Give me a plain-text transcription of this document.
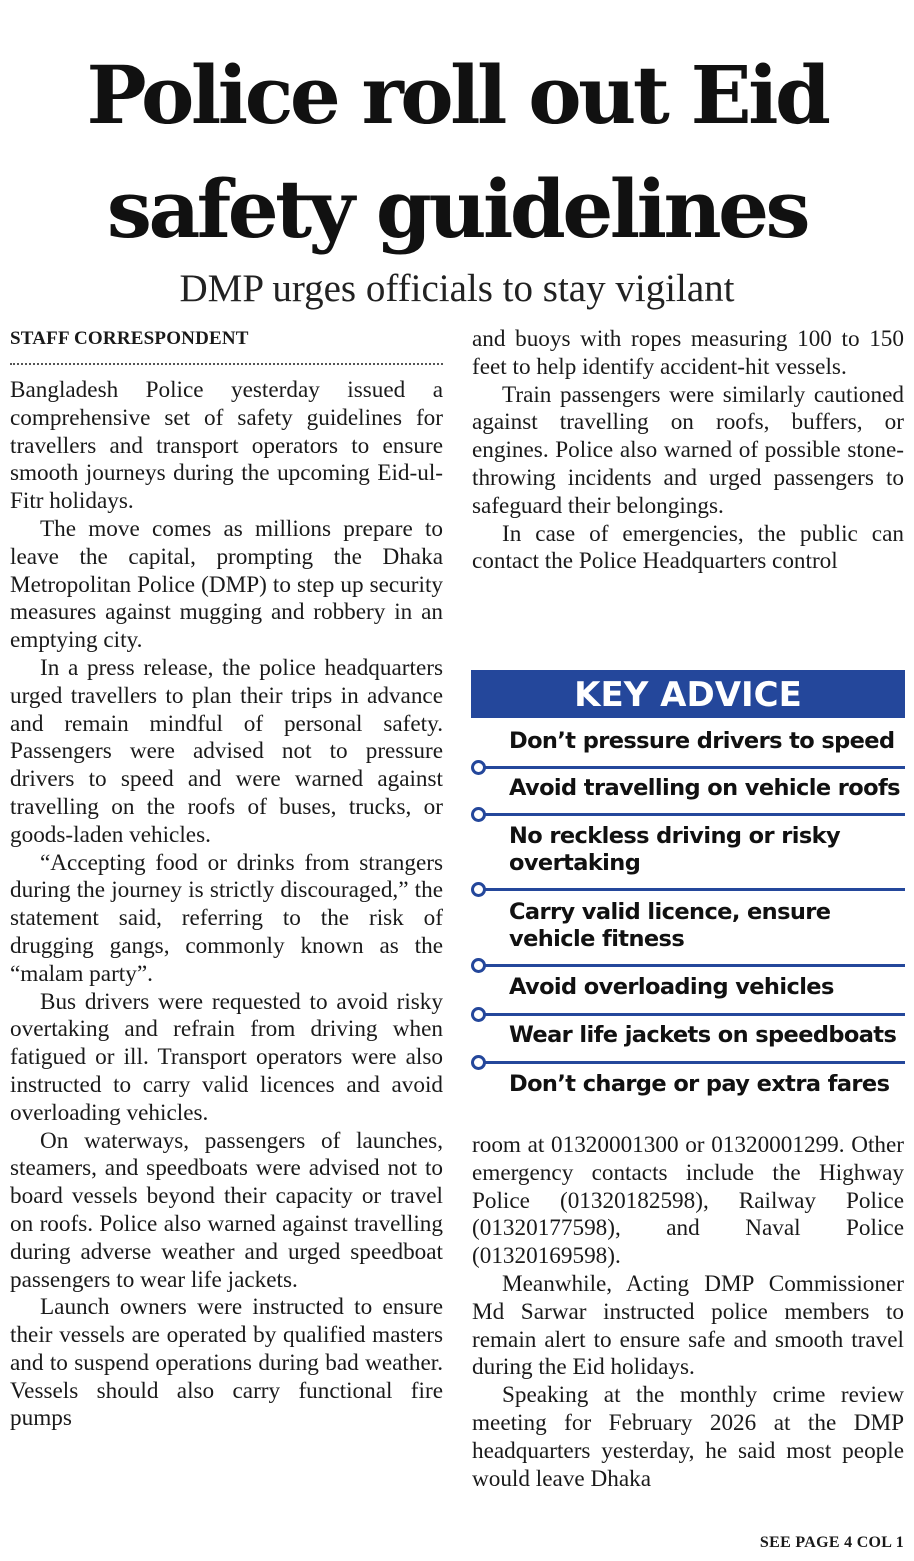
Police roll out Eid
safety guidelines
DMP urges officials to stay vigilant
STAFF CORRESPONDENT

Bangladesh Police yesterday issued a comprehensive set of safety guidelines for travellers and transport operators to ensure smooth journeys during the upcoming Eid-ul-Fitr holidays.

The move comes as millions prepare to leave the capital, prompting the Dhaka Metropolitan Police (DMP) to step up security measures against mugging and robbery in an emptying city.

In a press release, the police headquarters urged travellers to plan their trips in advance and remain mindful of personal safety. Passengers were advised not to pressure drivers to speed and were warned against travelling on the roofs of buses, trucks, or goods-laden vehicles.

“Accepting food or drinks from strangers during the journey is strictly discouraged,” the statement said, referring to the risk of drugging gangs, commonly known as the “malam party”.

Bus drivers were requested to avoid risky overtaking and refrain from driving when fatigued or ill. Transport operators were also instructed to carry valid licences and avoid overloading vehicles.

On waterways, passengers of launches, steamers, and speedboats were advised not to board vessels beyond their capacity or travel on roofs. Police also warned against travelling during adverse weather and urged speedboat passengers to wear life jackets.

Launch owners were instructed to ensure their vessels are operated by qualified masters and to suspend operations during bad weather. Vessels should also carry functional fire pumps

and buoys with ropes measuring 100 to 150 feet to help identify accident-hit vessels.

Train passengers were similarly cautioned against travelling on roofs, buffers, or engines. Police also warned of possible stone-throwing incidents and urged passengers to safeguard their belongings.

In case of emergencies, the public can contact the Police Headquarters control

KEY ADVICE
Don’t pressure drivers to speed
Avoid travelling on vehicle roofs
No reckless driving or risky overtaking
Carry valid licence, ensure vehicle fitness
Avoid overloading vehicles
Wear life jackets on speedboats
Don’t charge or pay extra fares

room at 01320001300 or 01320001299. Other emergency contacts include the Highway Police (01320182598), Railway Police (01320177598), and Naval Police (01320169598).

Meanwhile, Acting DMP Commissioner Md Sarwar instructed police members to remain alert to ensure safe and smooth travel during the Eid holidays.

Speaking at the monthly crime review meeting for February 2026 at the DMP headquarters yesterday, he said most people would leave Dhaka

SEE PAGE 4 COL 1
